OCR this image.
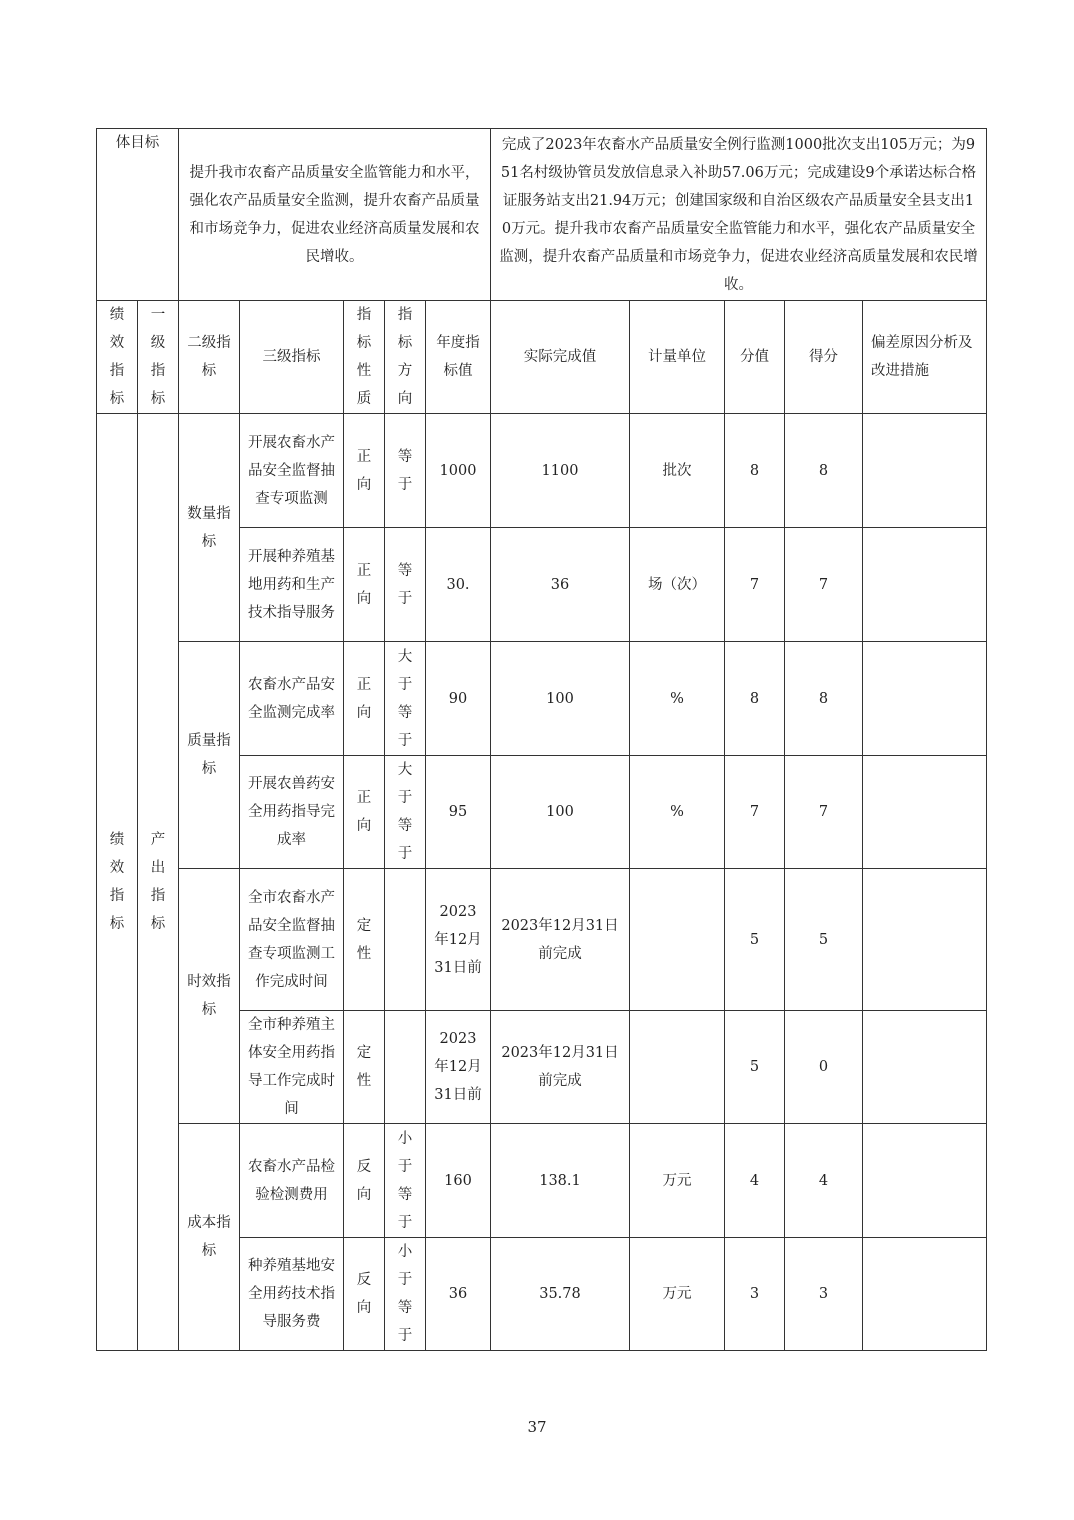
体目标		提升我市农畜产品质量安全监管能力和水平，强化农产品质量安全监测，提升农畜产品质量和市场竞争力，促进农业经济高质量发展和农民增收。					完成了2023年农畜水产品质量安全例行监测1000批次支出105万元；为951名村级协管员发放信息录入补助57.06万元；完成建设9个承诺达标合格证服务站支出21.94万元；创建国家级和自治区级农产品质量安全县支出10万元。提升我市农畜产品质量安全监管能力和水平，强化农产品质量安全监测，提升农畜产品质量和市场竞争力，促进农业经济高质量发展和农民增收。				
绩效指标	一级指标	二级指标	三级指标	指标性质	指标方向	年度指标值	实际完成值	计量单位	分值	得分	偏差原因分析及改进措施
绩效指标	产出指标	数量指标	开展农畜水产品安全监督抽查专项监测	正向	等于	1000	1100	批次	8	8	
			开展种养殖基地用药和生产技术指导服务	正向	等于	30.	36	场（次）	7	7	
		质量指标	农畜水产品安全监测完成率	正向	大于等于	90	100	%	8	8	
			开展农兽药安全用药指导完成率	正向	大于等于	95	100	%	7	7	
		时效指标	全市农畜水产品安全监督抽查专项监测工作完成时间	定性		2023年12月31日前	2023年12月31日前完成		5	5	
			全市种养殖主体安全用药指导工作完成时间	定性		2023年12月31日前	2023年12月31日前完成		5	0	
		成本指标	农畜水产品检验检测费用	反向	小于等于	160	138.1	万元	4	4	
			种养殖基地安全用药技术指导服务费	反向	小于等于	36	35.78	万元	3	3	
37
